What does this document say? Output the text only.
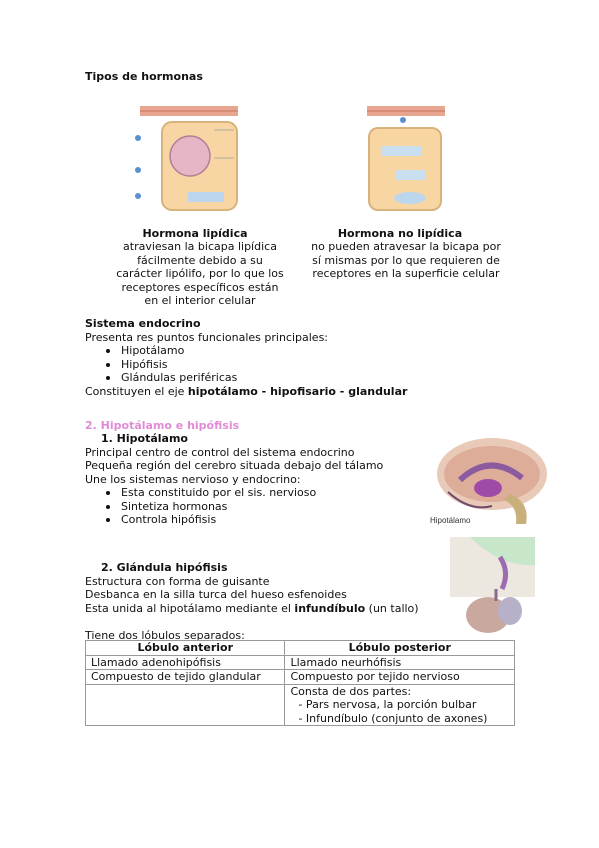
Tipos de hormonas
Hormona lipídica
atraviesan la bicapa lipídica fácilmente debido a su carácter lipólifo, por lo que los receptores específicos están en el interior celular
Hormona no lipídica
no pueden atravesar la bicapa por sí mismas por lo que requieren de receptores en la superficie celular
Sistema endocrino
Presenta res puntos funcionales principales:
Hipotálamo
Hipófisis
Glándulas periféricas
Constituyen el eje hipotálamo - hipofisario - glandular
2. Hipotálamo e hipófisis
1. Hipotálamo
Principal centro de control del sistema endocrino
Pequeña región del cerebro situada debajo del tálamo
Une los sistemas nervioso y endocrino:
Esta constituido por el sis. nervioso
Sintetiza hormonas
Controla hipófisis	Hipotálamo
2. Glándula hipófisis
Estructura con forma de guisante
Desbanca en la silla turca del hueso esfenoides
Esta unida al hipotálamo mediante el infundíbulo (un tallo)
Tiene dos lóbulos separados:
Lóbulo anterior	Lóbulo posterior
Llamado adenohipófisis	Llamado neurhófisis
Compuesto de tejido glandular	Compuesto por tejido nervioso

	Consta de dos partes:
- Pars nervosa, la porción bulbar
- Infundíbulo (conjunto de axones)
